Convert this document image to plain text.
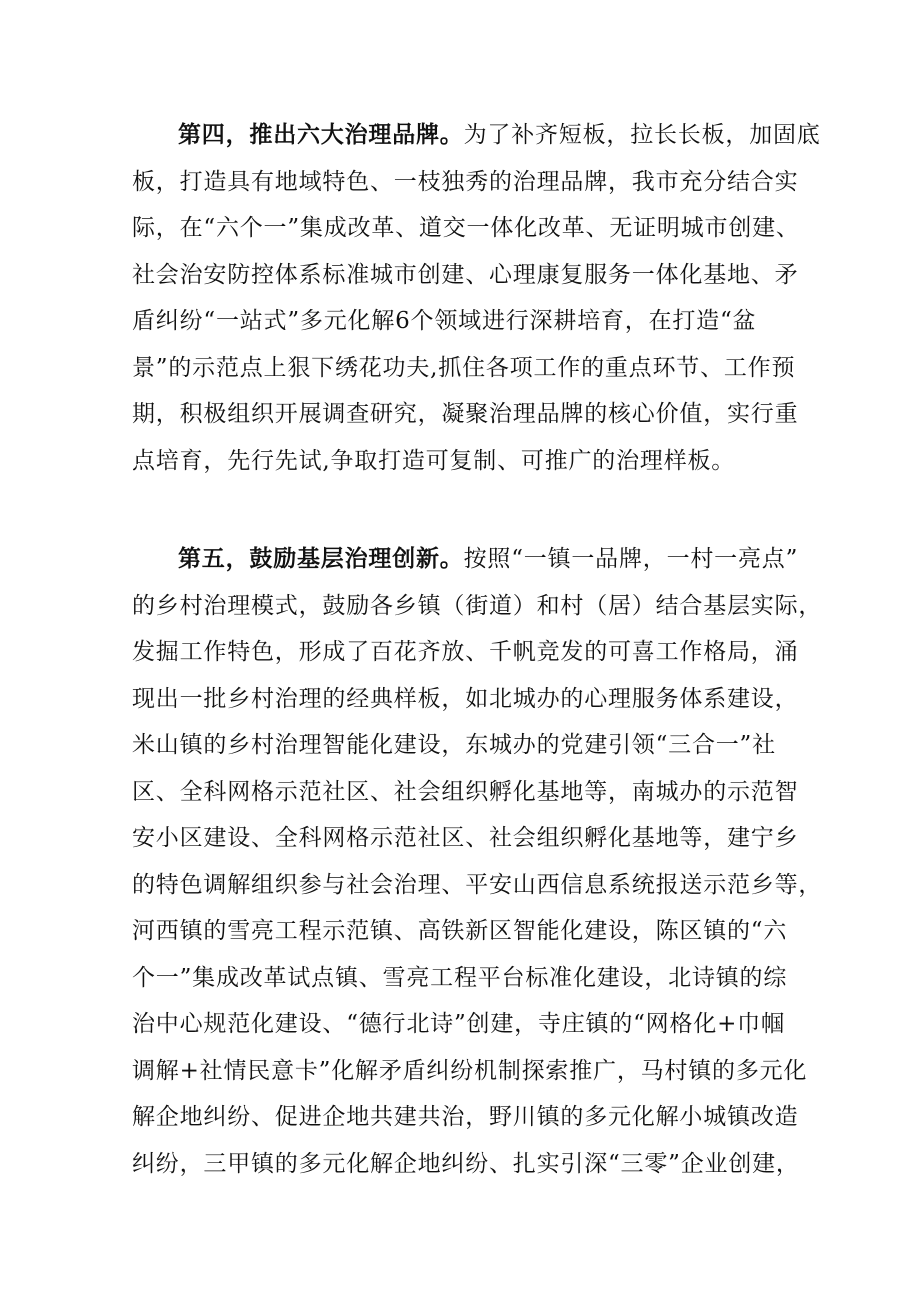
第四，推出六大治理品牌。为了补齐短板，拉长长板，加固底
板，打造具有地域特色、一枝独秀的治理品牌，我市充分结合实
际，在“六个一”集成改革、道交一体化改革、无证明城市创建、
社会治安防控体系标准城市创建、心理康复服务一体化基地、矛
盾纠纷“一站式”多元化解6个领域进行深耕培育，在打造“盆
景”的示范点上狠下绣花功夫,抓住各项工作的重点环节、工作预
期，积极组织开展调查研究，凝聚治理品牌的核心价值，实行重
点培育，先行先试,争取打造可复制、可推广的治理样板。
第五，鼓励基层治理创新。按照“一镇一品牌，一村一亮点”
的乡村治理模式，鼓励各乡镇（街道）和村（居）结合基层实际，
发掘工作特色，形成了百花齐放、千帆竞发的可喜工作格局，涌
现出一批乡村治理的经典样板，如北城办的心理服务体系建设，
米山镇的乡村治理智能化建设，东城办的党建引领“三合一”社
区、全科网格示范社区、社会组织孵化基地等，南城办的示范智
安小区建设、全科网格示范社区、社会组织孵化基地等，建宁乡
的特色调解组织参与社会治理、平安山西信息系统报送示范乡等，
河西镇的雪亮工程示范镇、高铁新区智能化建设，陈区镇的“六
个一”集成改革试点镇、雪亮工程平台标准化建设，北诗镇的综
治中心规范化建设、“德行北诗”创建，寺庄镇的“网格化+巾帼
调解+社情民意卡”化解矛盾纠纷机制探索推广，马村镇的多元化
解企地纠纷、促进企地共建共治，野川镇的多元化解小城镇改造
纠纷，三甲镇的多元化解企地纠纷、扎实引深“三零”企业创建，
